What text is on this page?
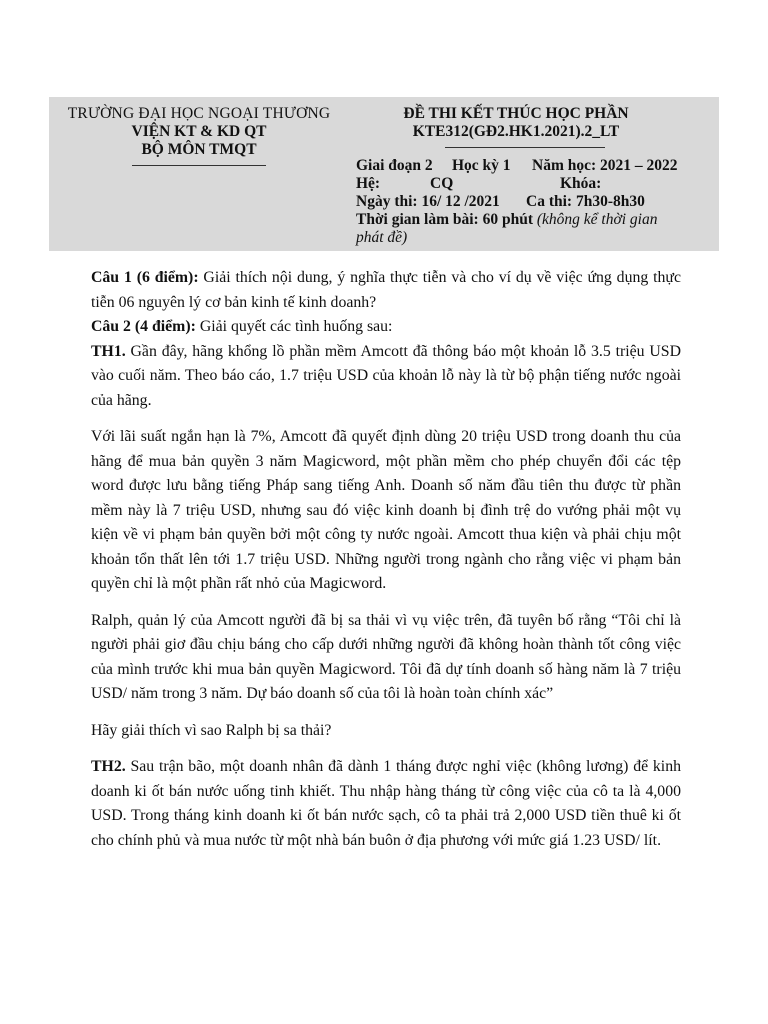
TRƯỜNG ĐẠI HỌC NGOẠI THƯƠNG
VIỆN KT & KD QT
BỘ MÔN TMQT
ĐỀ THI KẾT THÚC HỌC PHẦN
KTE312(GĐ2.HK1.2021).2_LT
Giai đoạn 2 Học kỳ 1 Năm học: 2021 – 2022
Hệ:	CQ	Khóa:
Ngày thi: 16/ 12 /2021 Ca thi: 7h30-8h30
Thời gian làm bài: 60 phút (không kể thời gian
phát đề)

Câu 1 (6 điểm): Giải thích nội dung, ý nghĩa thực tiễn và cho ví dụ về việc ứng dụng thực tiễn 06 nguyên lý cơ bản kinh tế kinh doanh?

Câu 2 (4 điểm): Giải quyết các tình huống sau:

TH1. Gần đây, hãng khổng lồ phần mềm Amcott đã thông báo một khoản lỗ 3.5 triệu USD vào cuối năm. Theo báo cáo, 1.7 triệu USD của khoản lỗ này là từ bộ phận tiếng nước ngoài của hãng.

Với lãi suất ngắn hạn là 7%, Amcott đã quyết định dùng 20 triệu USD trong doanh thu của hãng để mua bản quyền 3 năm Magicword, một phần mềm cho phép chuyển đổi các tệp word được lưu bằng tiếng Pháp sang tiếng Anh. Doanh số năm đầu tiên thu được từ phần mềm này là 7 triệu USD, nhưng sau đó việc kinh doanh bị đình trệ do vướng phải một vụ kiện về vi phạm bản quyền bởi một công ty nước ngoài. Amcott thua kiện và phải chịu một khoản tổn thất lên tới 1.7 triệu USD. Những người trong ngành cho rằng việc vi phạm bản quyền chỉ là một phần rất nhỏ của Magicword.

Ralph, quản lý của Amcott người đã bị sa thải vì vụ việc trên, đã tuyên bố rằng “Tôi chỉ là người phải giơ đầu chịu báng cho cấp dưới những người đã không hoàn thành tốt công việc của mình trước khi mua bản quyền Magicword. Tôi đã dự tính doanh số hàng năm là 7 triệu USD/ năm trong 3 năm. Dự báo doanh số của tôi là hoàn toàn chính xác”

Hãy giải thích vì sao Ralph bị sa thải?

TH2. Sau trận bão, một doanh nhân đã dành 1 tháng được nghỉ việc (không lương) để kinh doanh ki ốt bán nước uống tinh khiết. Thu nhập hàng tháng từ công việc của cô ta là 4,000 USD. Trong tháng kinh doanh ki ốt bán nước sạch, cô ta phải trả 2,000 USD tiền thuê ki ốt cho chính phủ và mua nước từ một nhà bán buôn ở địa phương với mức giá 1.23 USD/ lít.
